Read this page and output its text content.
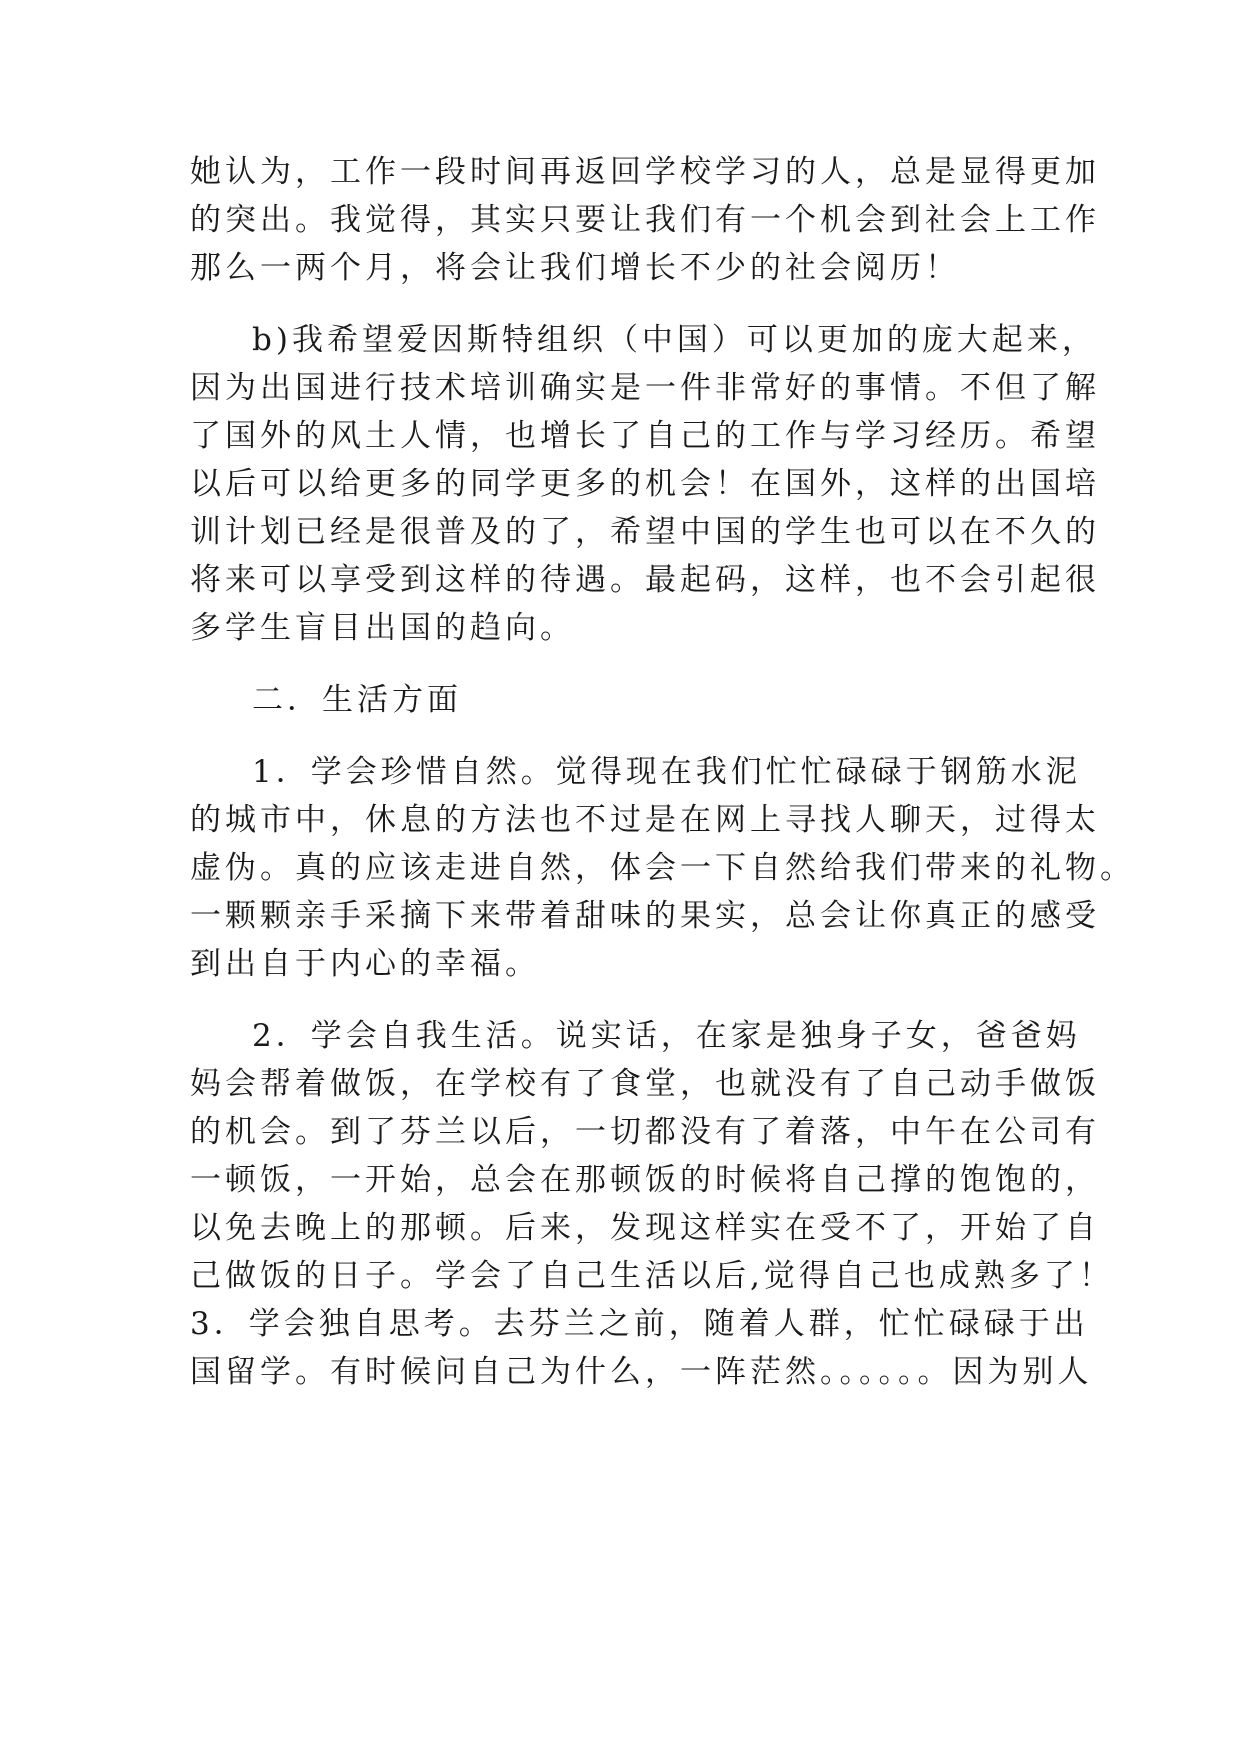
她认为，工作一段时间再返回学校学习的人，总是显得更加
的突出。我觉得，其实只要让我们有一个机会到社会上工作
那么一两个月，将会让我们增长不少的社会阅历！
b)我希望爱因斯特组织（中国）可以更加的庞大起来，
因为出国进行技术培训确实是一件非常好的事情。不但了解
了国外的风土人情，也增长了自己的工作与学习经历。希望
以后可以给更多的同学更多的机会！在国外，这样的出国培
训计划已经是很普及的了，希望中国的学生也可以在不久的
将来可以享受到这样的待遇。最起码，这样，也不会引起很
多学生盲目出国的趋向。
二．生活方面
1．学会珍惜自然。觉得现在我们忙忙碌碌于钢筋水泥
的城市中，休息的方法也不过是在网上寻找人聊天，过得太
虚伪。真的应该走进自然，体会一下自然给我们带来的礼物。
一颗颗亲手采摘下来带着甜味的果实，总会让你真正的感受
到出自于内心的幸福。
2．学会自我生活。说实话，在家是独身子女，爸爸妈
妈会帮着做饭，在学校有了食堂，也就没有了自己动手做饭
的机会。到了芬兰以后，一切都没有了着落，中午在公司有
一顿饭，一开始，总会在那顿饭的时候将自己撑的饱饱的，
以免去晚上的那顿。后来，发现这样实在受不了，开始了自
己做饭的日子。学会了自己生活以后,觉得自己也成熟多了！
3．学会独自思考。去芬兰之前，随着人群，忙忙碌碌于出
国留学。有时候问自己为什么，一阵茫然。。。。。。因为别人
